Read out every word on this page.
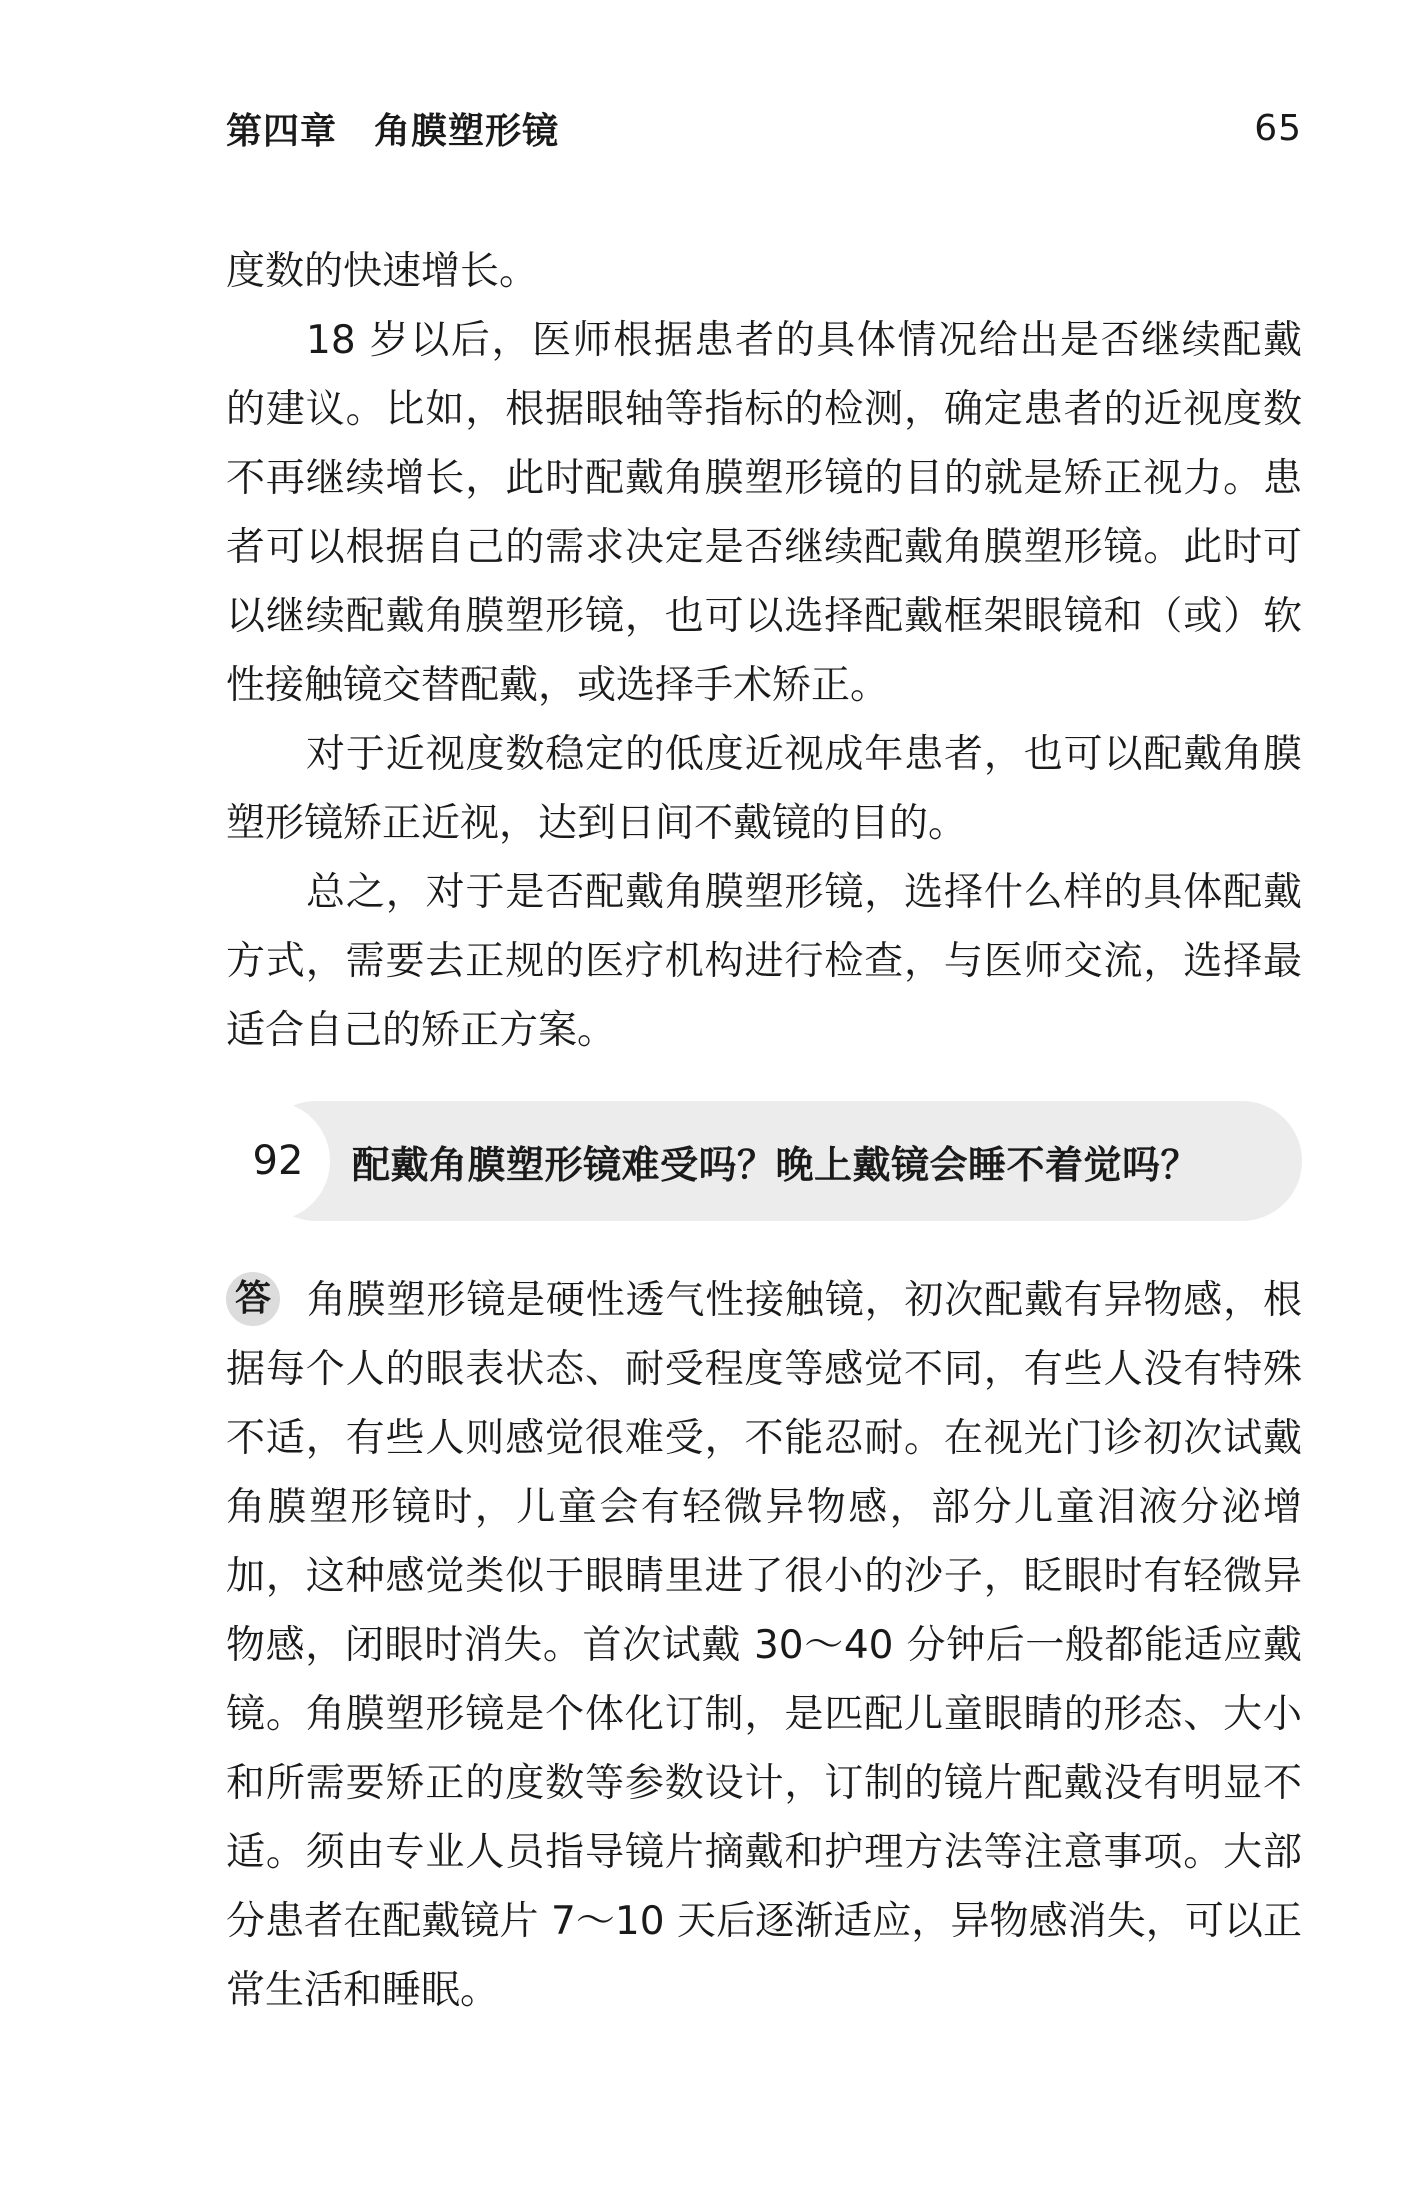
第四章　角膜塑形镜	65

度数的快速增长。

18 岁以后，医师根据患者的具体情况给出是否继续配戴的建议。比如，根据眼轴等指标的检测，确定患者的近视度数不再继续增长，此时配戴角膜塑形镜的目的就是矫正视力。患者可以根据自己的需求决定是否继续配戴角膜塑形镜。此时可以继续配戴角膜塑形镜，也可以选择配戴框架眼镜和（或）软性接触镜交替配戴，或选择手术矫正。

对于近视度数稳定的低度近视成年患者，也可以配戴角膜塑形镜矫正近视，达到日间不戴镜的目的。

总之，对于是否配戴角膜塑形镜，选择什么样的具体配戴方式，需要去正规的医疗机构进行检查，与医师交流，选择最适合自己的矫正方案。

92	配戴角膜塑形镜难受吗？晚上戴镜会睡不着觉吗？

答 角膜塑形镜是硬性透气性接触镜，初次配戴有异物感，根据每个人的眼表状态、耐受程度等感觉不同，有些人没有特殊不适，有些人则感觉很难受，不能忍耐。在视光门诊初次试戴角膜塑形镜时，儿童会有轻微异物感，部分儿童泪液分泌增加，这种感觉类似于眼睛里进了很小的沙子，眨眼时有轻微异物感，闭眼时消失。首次试戴 30～40 分钟后一般都能适应戴镜。角膜塑形镜是个体化订制，是匹配儿童眼睛的形态、大小和所需要矫正的度数等参数设计，订制的镜片配戴没有明显不适。须由专业人员指导镜片摘戴和护理方法等注意事项。大部分患者在配戴镜片 7～10 天后逐渐适应，异物感消失，可以正常生活和睡眠。
